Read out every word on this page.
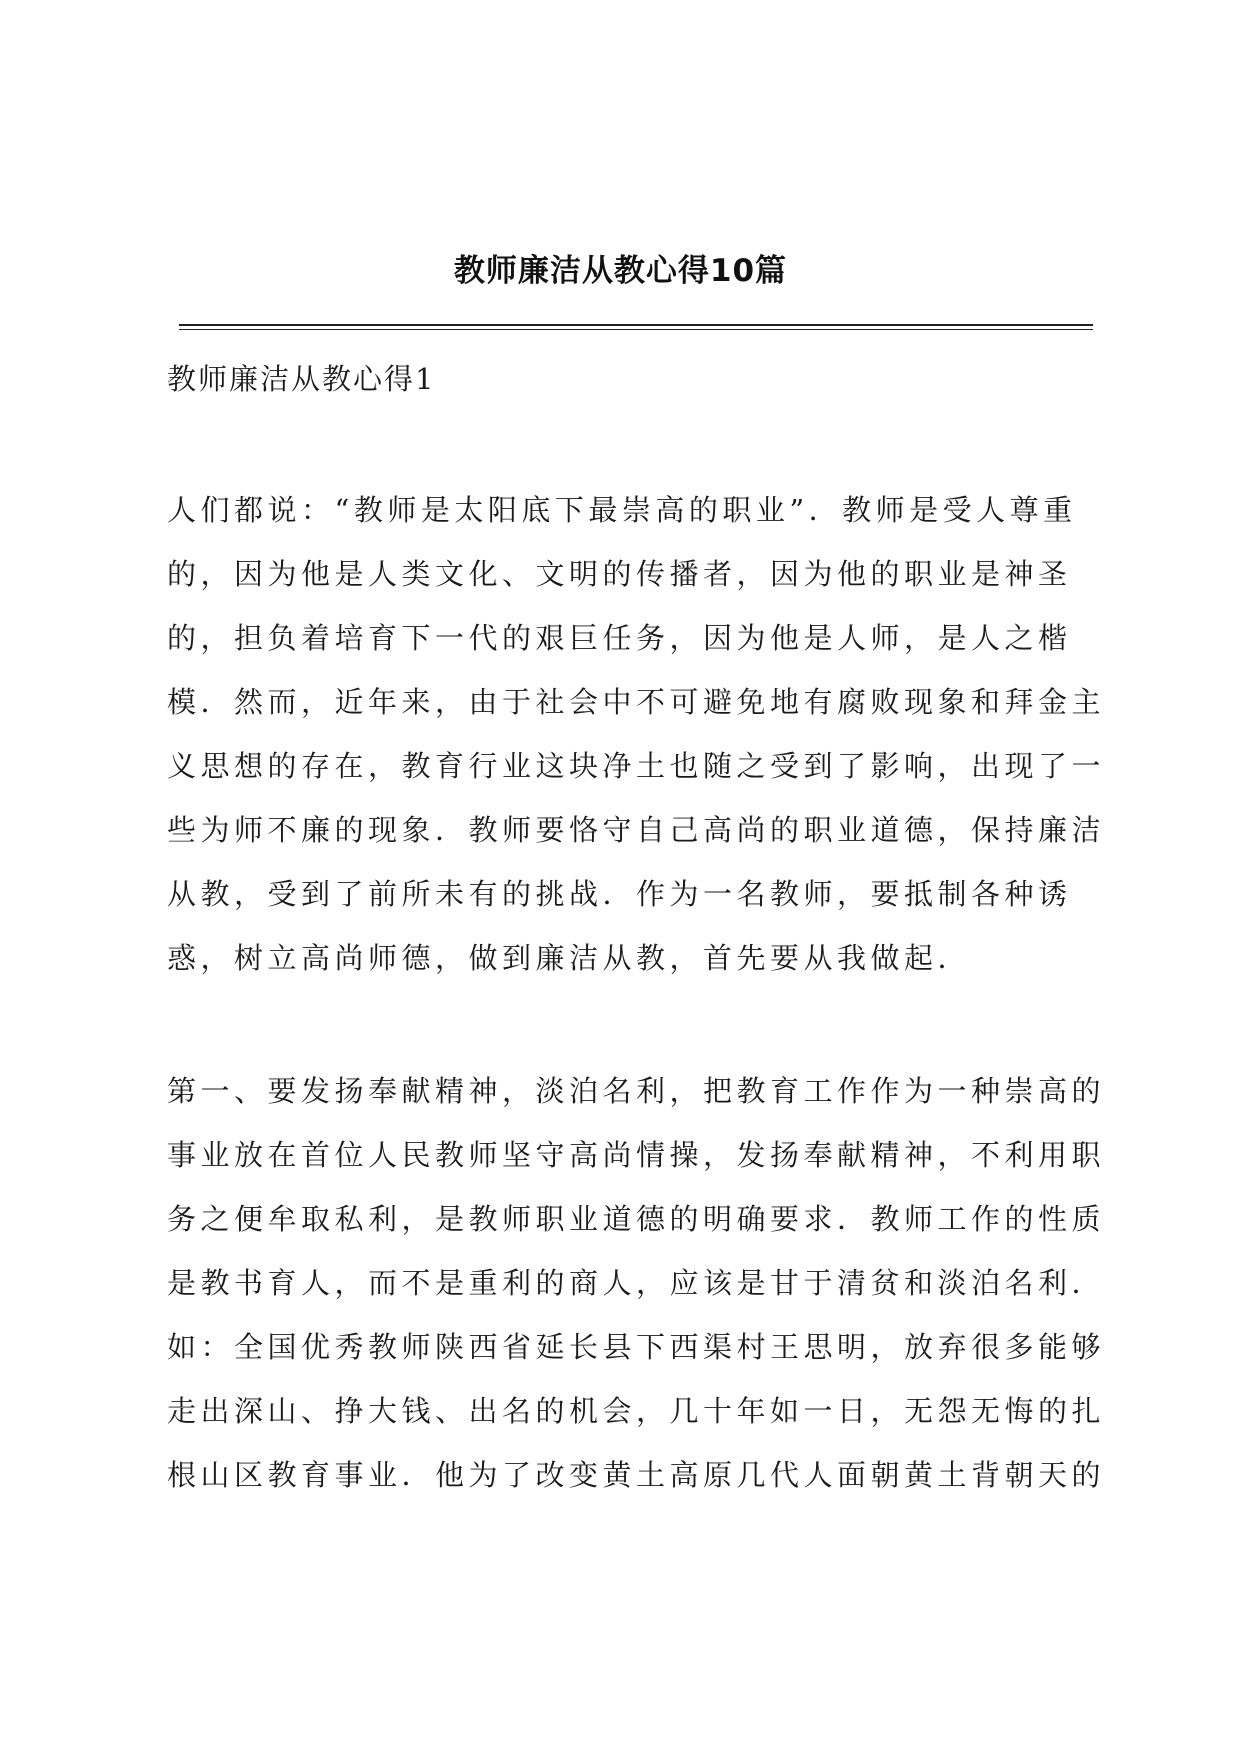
教师廉洁从教心得10篇
教师廉洁从教心得1
人们都说：“教师是太阳底下最崇高的职业”．教师是受人尊重
的，因为他是人类文化、文明的传播者，因为他的职业是神圣
的，担负着培育下一代的艰巨任务，因为他是人师，是人之楷
模．然而，近年来，由于社会中不可避免地有腐败现象和拜金主
义思想的存在，教育行业这块净土也随之受到了影响，出现了一
些为师不廉的现象．教师要恪守自己高尚的职业道德，保持廉洁
从教，受到了前所未有的挑战．作为一名教师，要抵制各种诱
惑，树立高尚师德，做到廉洁从教，首先要从我做起．
第一、要发扬奉献精神，淡泊名利，把教育工作作为一种崇高的
事业放在首位人民教师坚守高尚情操，发扬奉献精神，不利用职
务之便牟取私利，是教师职业道德的明确要求．教师工作的性质
是教书育人，而不是重利的商人，应该是甘于清贫和淡泊名利．
如：全国优秀教师陕西省延长县下西渠村王思明，放弃很多能够
走出深山、挣大钱、出名的机会，几十年如一日，无怨无悔的扎
根山区教育事业．他为了改变黄土高原几代人面朝黄土背朝天的
